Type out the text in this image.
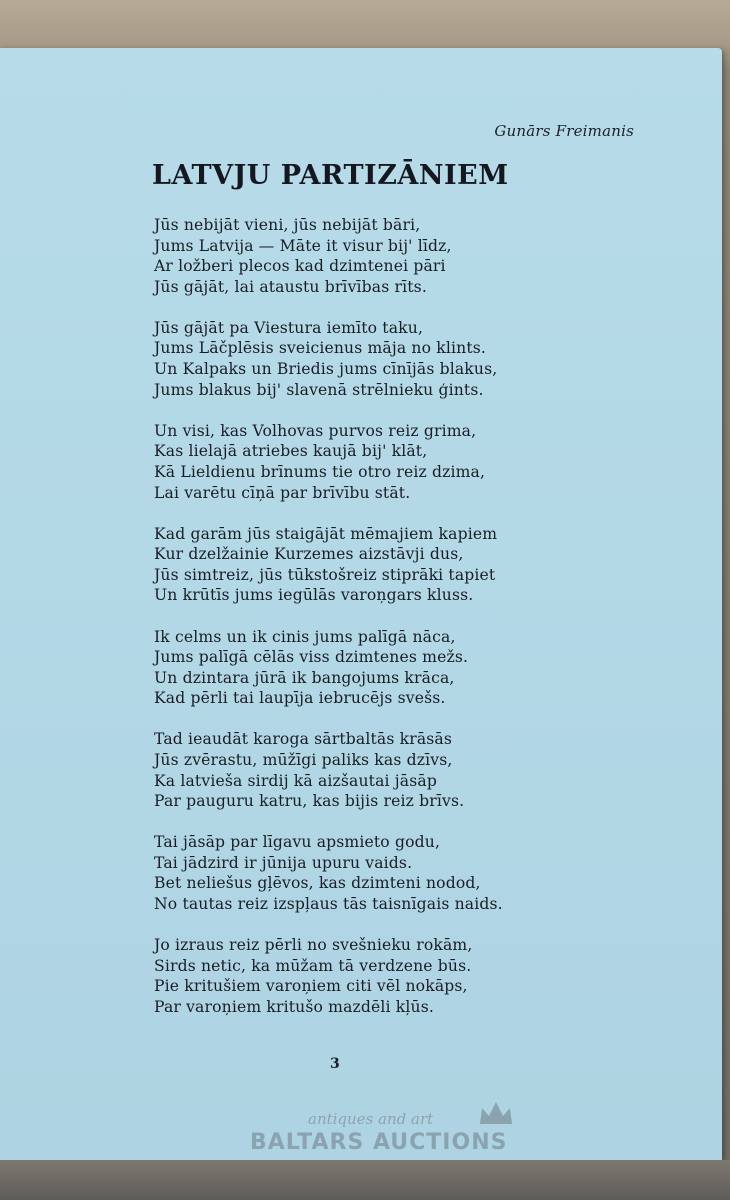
Gunārs Freimanis
LATVJU PARTIZĀNIEM
Jūs nebijāt vieni, jūs nebijāt bāri,
Jums Latvija — Māte it visur bij' līdz,
Ar ložberi plecos kad dzimtenei pāri
Jūs gājāt, lai ataustu brīvības rīts.
Jūs gājāt pa Viestura iemīto taku,
Jums Lāčplēsis sveicienus māja no klints.
Un Kalpaks un Briedis jums cīnījās blakus,
Jums blakus bij' slavenā strēlnieku ģints.
Un visi, kas Volhovas purvos reiz grima,
Kas lielajā atriebes kaujā bij' klāt,
Kā Lieldienu brīnums tie otro reiz dzima,
Lai varētu cīņā par brīvību stāt.
Kad garām jūs staigājāt mēmajiem kapiem
Kur dzelžainie Kurzemes aizstāvji dus,
Jūs simtreiz, jūs tūkstošreiz stiprāki tapiet
Un krūtīs jums iegūlās varoņgars kluss.
Ik celms un ik cinis jums palīgā nāca,
Jums palīgā cēlās viss dzimtenes mežs.
Un dzintara jūrā ik bangojums krāca,
Kad pērli tai laupīja iebrucējs svešs.
Tad ieaudāt karoga sārtbaltās krāsās
Jūs zvērastu, mūžīgi paliks kas dzīvs,
Ka latvieša sirdij kā aizšautai jāsāp
Par pauguru katru, kas bijis reiz brīvs.
Tai jāsāp par līgavu apsmieto godu,
Tai jādzird ir jūnija upuru vaids.
Bet neliešus gļēvos, kas dzimteni nodod,
No tautas reiz izspļaus tās taisnīgais naids.
Jo izraus reiz pērli no svešnieku rokām,
Sirds netic, ka mūžam tā verdzene būs.
Pie kritušiem varoņiem citi vēl nokāps,
Par varoņiem kritušo mazdēli kļūs.
3
antiques and art
BALTARS AUCTIONS
